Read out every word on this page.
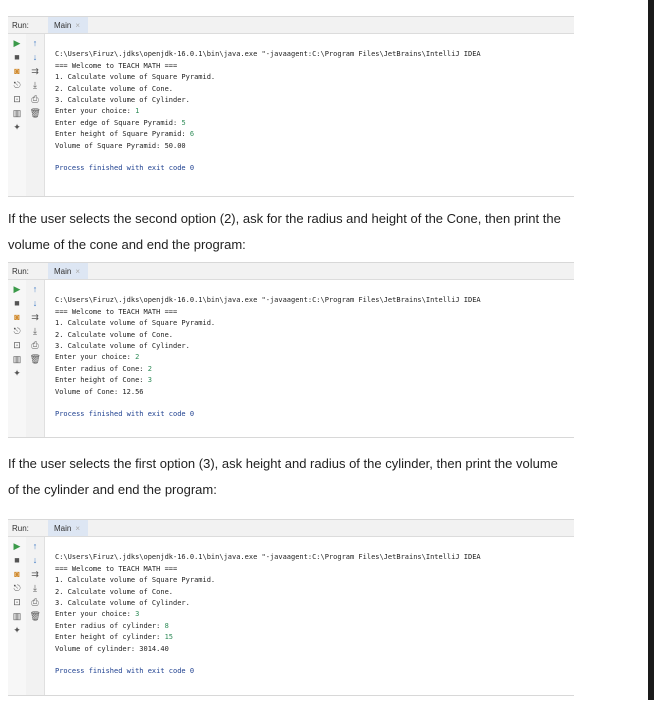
Run:	Main ×
▶
■
◙
⎋
⊡
▥
✦
↑
↓
⇉
⤓
⎙
🗑

C:\Users\Firuz\.jdks\openjdk-16.0.1\bin\java.exe "-javaagent:C:\Program Files\JetBrains\IntelliJ IDEA
=== Welcome to TEACH MATH ===
1. Calculate volume of Square Pyramid.
2. Calculate volume of Cone.
3. Calculate volume of Cylinder.
Enter your choice: 1
Enter edge of Square Pyramid: 5
Enter height of Square Pyramid: 6
Volume of Square Pyramid: 50.00
Process finished with exit code 0

If the user selects the second option (2), ask for the radius and height of the Cone, then print the volume of the cone and end the program:
Run:	Main ×
▶
■
◙
⎋
⊡
▥
✦
↑
↓
⇉
⤓
⎙
🗑

C:\Users\Firuz\.jdks\openjdk-16.0.1\bin\java.exe "-javaagent:C:\Program Files\JetBrains\IntelliJ IDEA
=== Welcome to TEACH MATH ===
1. Calculate volume of Square Pyramid.
2. Calculate volume of Cone.
3. Calculate volume of Cylinder.
Enter your choice: 2
Enter radius of Cone: 2
Enter height of Cone: 3
Volume of Cone: 12.56
Process finished with exit code 0

If the user selects the first option (3), ask height and radius of the cylinder, then print the volume of the cylinder and end the program:
Run:	Main ×
▶
■
◙
⎋
⊡
▥
✦
↑
↓
⇉
⤓
⎙
🗑

C:\Users\Firuz\.jdks\openjdk-16.0.1\bin\java.exe "-javaagent:C:\Program Files\JetBrains\IntelliJ IDEA
=== Welcome to TEACH MATH ===
1. Calculate volume of Square Pyramid.
2. Calculate volume of Cone.
3. Calculate volume of Cylinder.
Enter your choice: 3
Enter radius of cylinder: 8
Enter height of cylinder: 15
Volume of cylinder: 3014.40
Process finished with exit code 0
